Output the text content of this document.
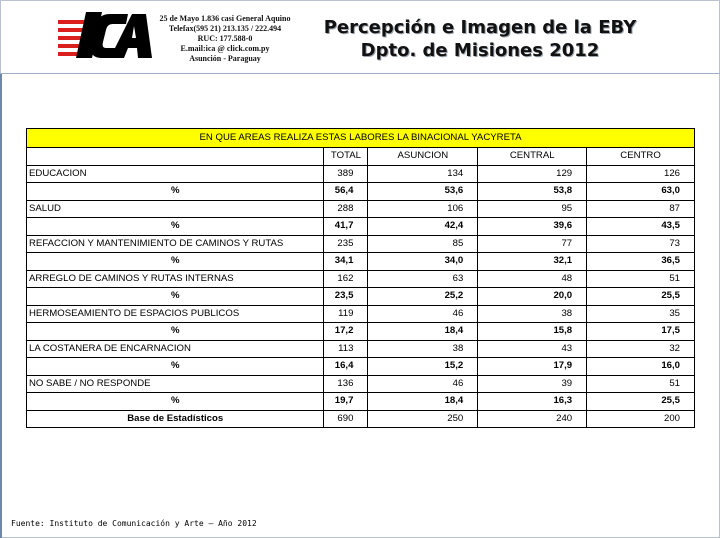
25 de Mayo 1.836 casi General Aquino
Telefax(595 21) 213.135 / 222.494
RUC: 177.588-0
E.mail:ica @ click.com.py
Asunción - Paraguay
Percepción e Imagen de la EBY
Dpto. de Misiones 2012
EN QUE AREAS REALIZA ESTAS LABORES LA BINACIONAL YACYRETA				
	TOTAL	ASUNCION	CENTRAL	CENTRO
EDUCACION	389	134	129	126
%	56,4	53,6	53,8	63,0
SALUD	288	106	95	87
%	41,7	42,4	39,6	43,5
REFACCION Y MANTENIMIENTO DE CAMINOS Y RUTAS	235	85	77	73
%	34,1	34,0	32,1	36,5
ARREGLO DE CAMINOS Y RUTAS INTERNAS	162	63	48	51
%	23,5	25,2	20,0	25,5
HERMOSEAMIENTO DE ESPACIOS PUBLICOS	119	46	38	35
%	17,2	18,4	15,8	17,5
LA COSTANERA DE ENCARNACION	113	38	43	32
%	16,4	15,2	17,9	16,0
NO SABE / NO RESPONDE	136	46	39	51
%	19,7	18,4	16,3	25,5
Base de Estadísticos	690	250	240	200
Fuente: Instituto de Comunicación y Arte – Año 2012
